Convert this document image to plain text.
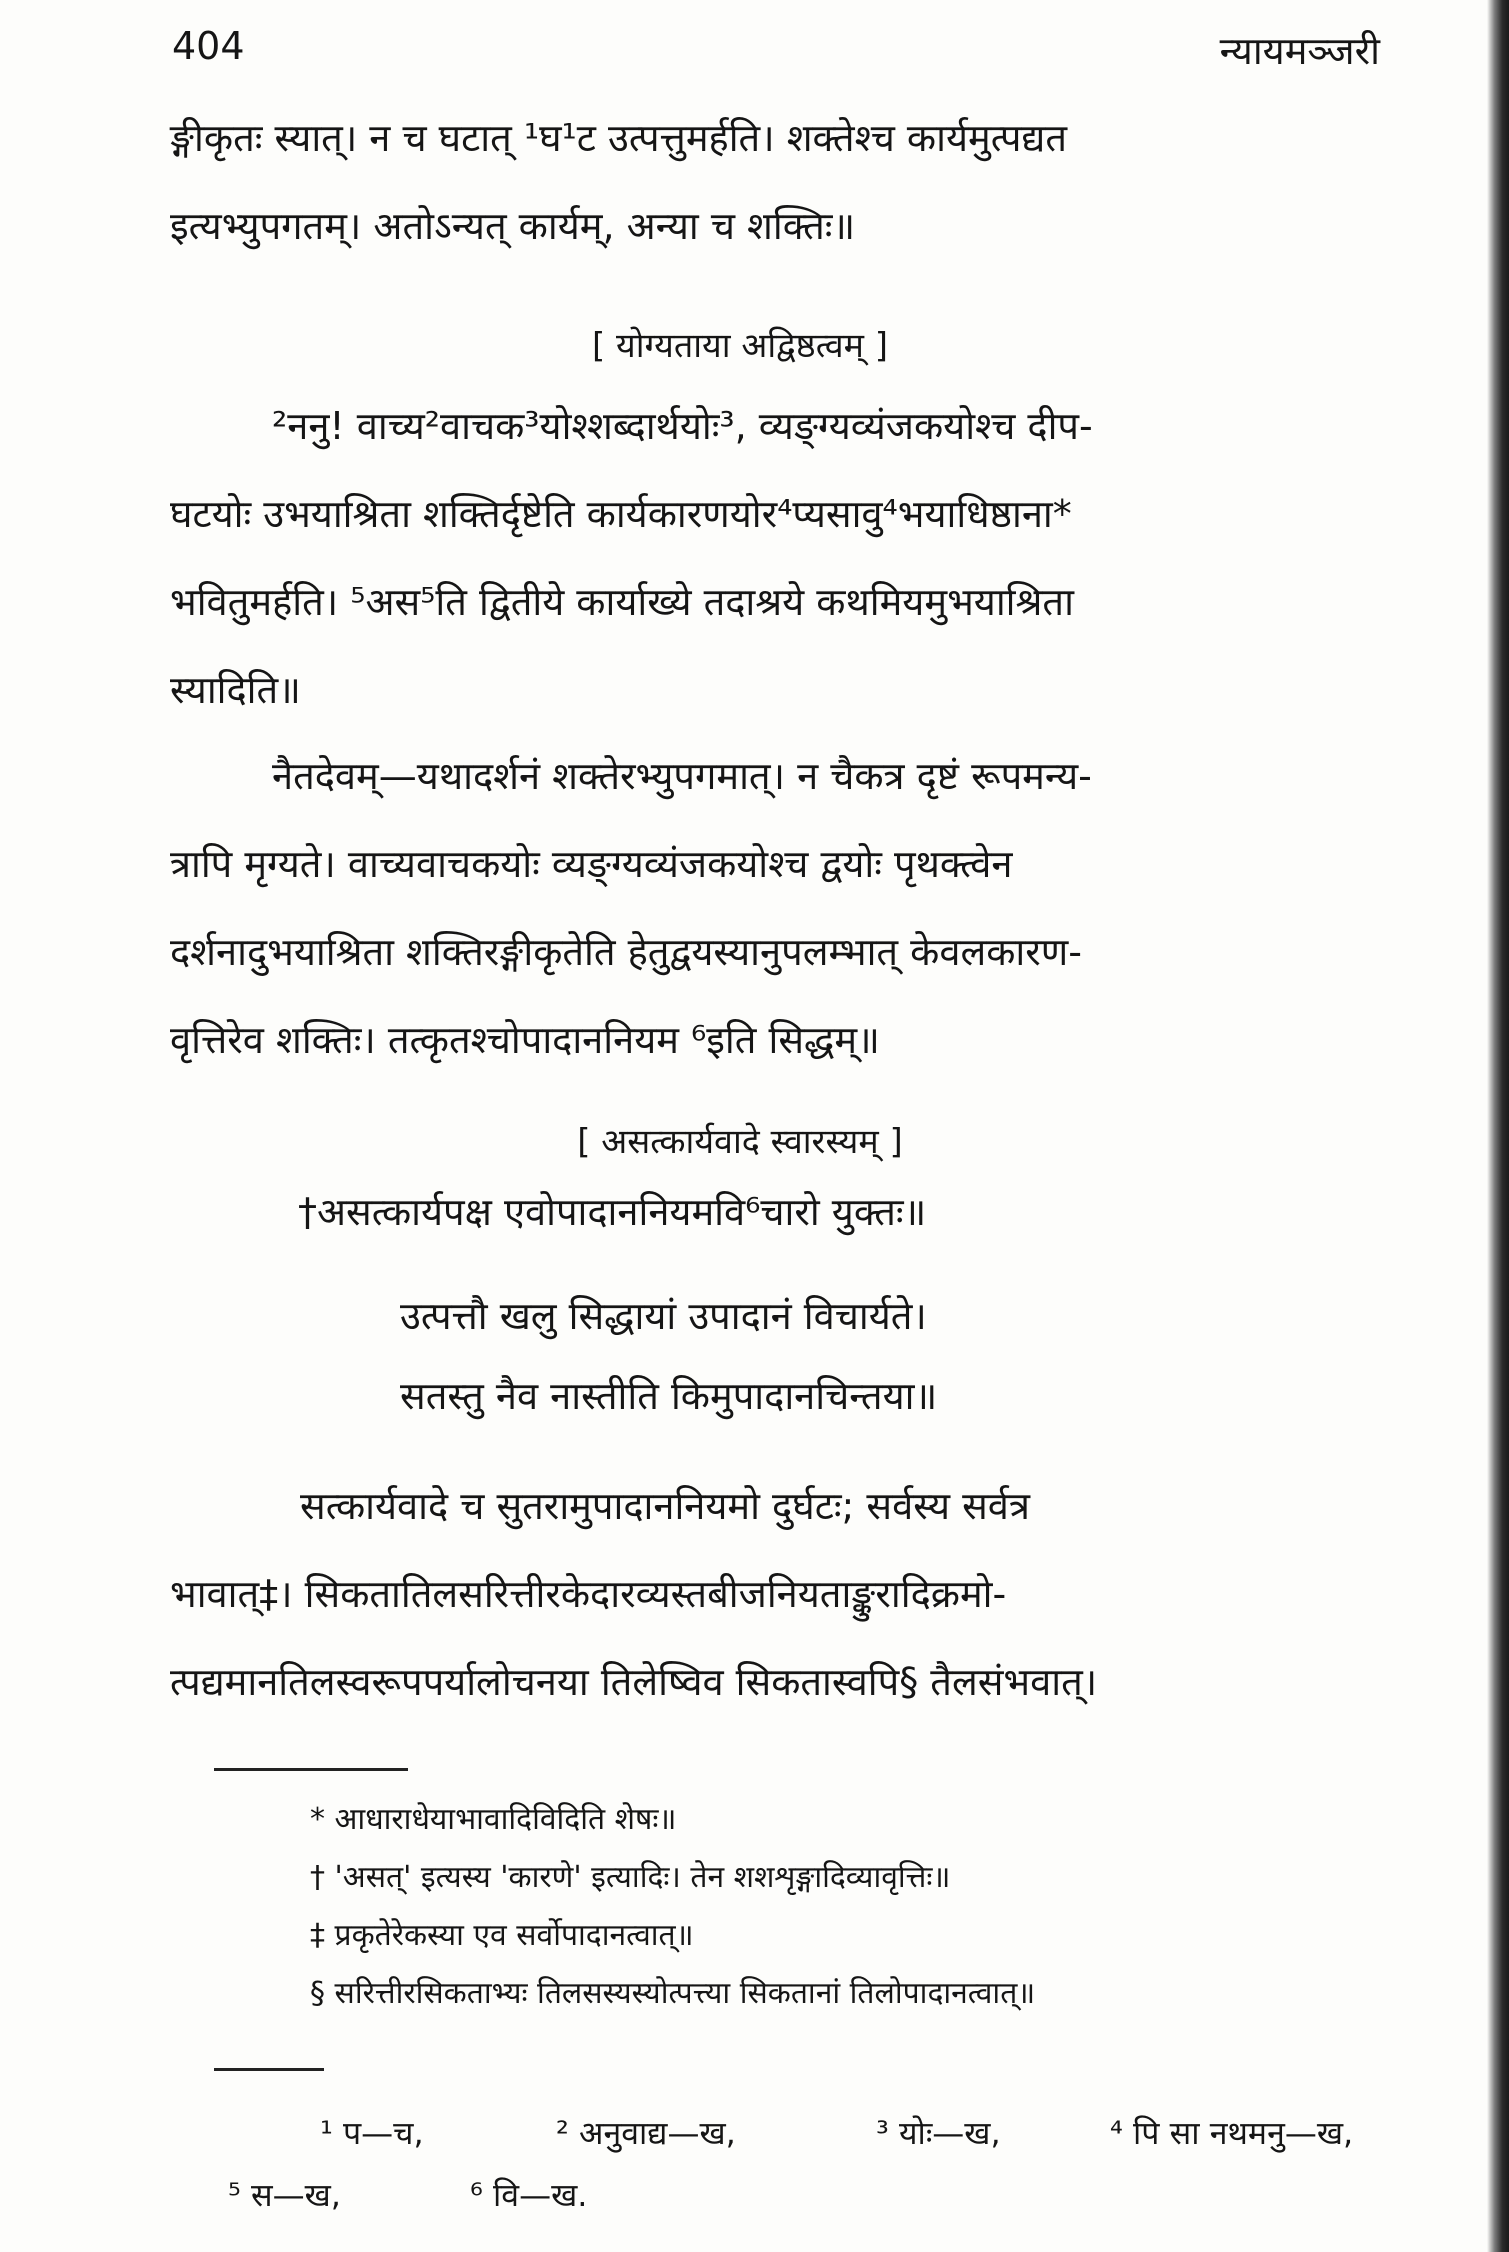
404	न्यायमञ्जरी
ङ्गीकृतः स्यात्। न च घटात् ¹घ¹ट उत्पत्तुमर्हति। शक्तेश्च कार्यमुत्पद्यत
इत्यभ्युपगतम्। अतोऽन्यत् कार्यम्, अन्या च शक्तिः॥
[ योग्यताया अद्विष्ठत्वम् ]
²ननु! वाच्य²वाचक³योश्शब्दार्थयोः³, व्यङ्ग्यव्यंजकयोश्च दीप-
घटयोः उभयाश्रिता शक्तिर्दृष्टेति कार्यकारणयोर⁴प्यसावु⁴भयाधिष्ठाना*
भवितुमर्हति। ⁵अस⁵ति द्वितीये कार्याख्ये तदाश्रये कथमियमुभयाश्रिता
स्यादिति॥
नैतदेवम्—यथादर्शनं शक्तेरभ्युपगमात्। न चैकत्र दृष्टं रूपमन्य-
त्रापि मृग्यते। वाच्यवाचकयोः व्यङ्ग्यव्यंजकयोश्च द्वयोः पृथक्त्वेन
दर्शनादुभयाश्रिता शक्तिरङ्गीकृतेति हेतुद्वयस्यानुपलम्भात् केवलकारण-
वृत्तिरेव शक्तिः। तत्कृतश्चोपादाननियम ⁶इति सिद्धम्॥
[ असत्कार्यवादे स्वारस्यम् ]
†असत्कार्यपक्ष एवोपादाननियमवि⁶चारो युक्तः॥
उत्पत्तौ खलु सिद्धायां उपादानं विचार्यते।
सतस्तु नैव नास्तीति किमुपादानचिन्तया॥
सत्कार्यवादे च सुतरामुपादाननियमो दुर्घटः; सर्वस्य सर्वत्र
भावात्‡। सिकतातिलसरित्तीरकेदारव्यस्तबीजनियताङ्कुरादिक्रमो-
त्पद्यमानतिलस्वरूपपर्यालोचनया तिलेष्विव सिकतास्वपि§ तैलसंभवात्।
* आधाराधेयाभावादिविदिति शेषः॥
† 'असत्' इत्यस्य 'कारणे' इत्यादिः। तेन शशशृङ्गादिव्यावृत्तिः॥
‡ प्रकृतेरेकस्या एव सर्वोपादानत्वात्॥
§ सरित्तीरसिकताभ्यः तिलसस्यस्योत्पत्त्या सिकतानां तिलोपादानत्वात्॥
¹ प—च,	² अनुवाद्य—ख,	³ योः—ख,	⁴ पि सा नथमनु—ख,
⁵ स—ख,	⁶ वि—ख.
